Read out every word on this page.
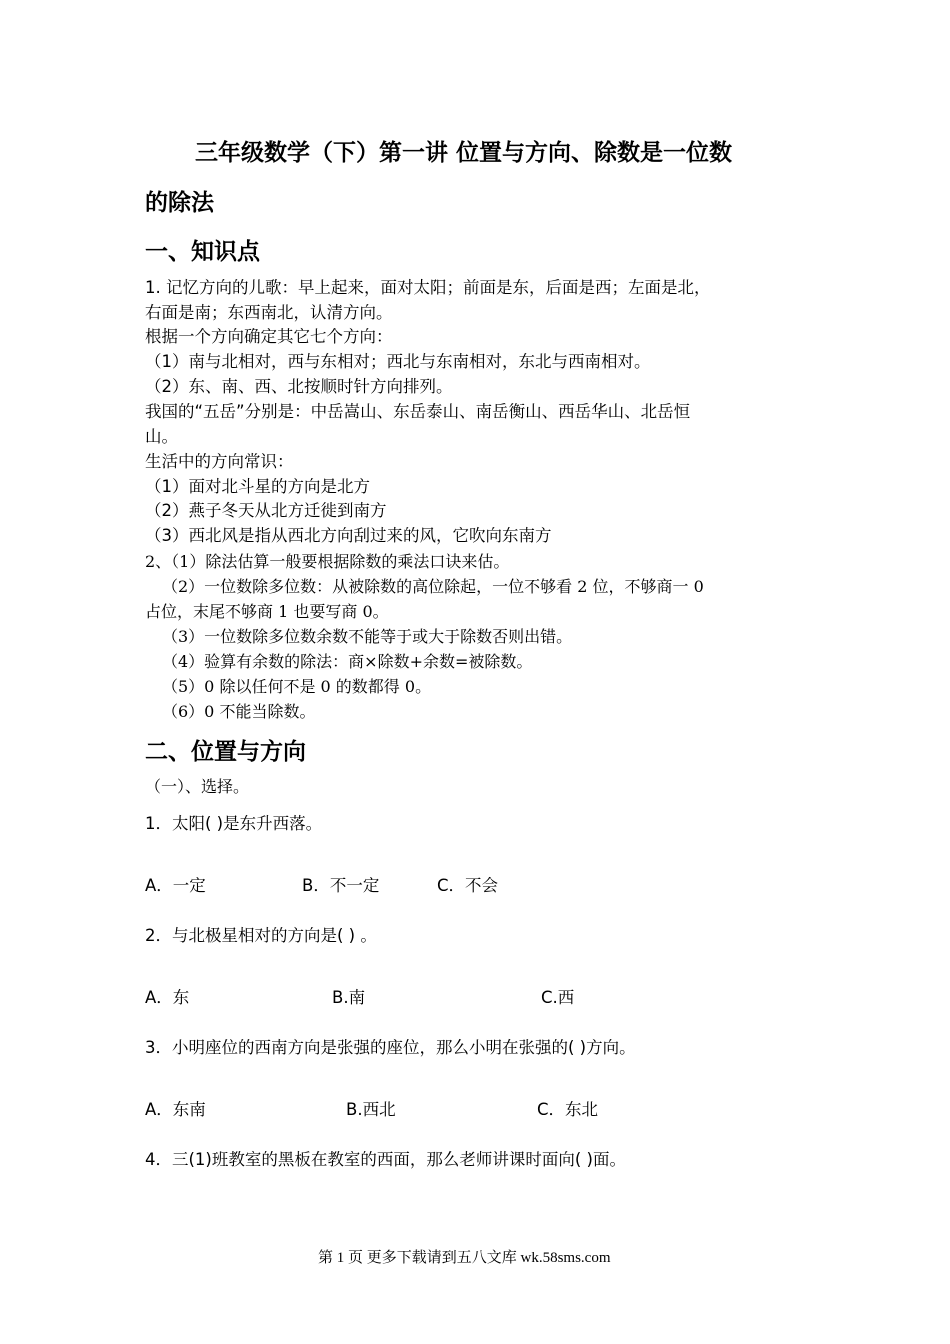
三年级数学（下）第一讲 位置与方向、除数是一位数
的除法
一、知识点
1. 记忆方向的儿歌：早上起来，面对太阳；前面是东，后面是西；左面是北，
右面是南；东西南北，认清方向。
根据一个方向确定其它七个方向：
（1）南与北相对，西与东相对；西北与东南相对，东北与西南相对。
（2）东、南、西、北按顺时针方向排列。
我国的“五岳”分别是：中岳嵩山、东岳泰山、南岳衡山、西岳华山、北岳恒
山。
生活中的方向常识：
（1）面对北斗星的方向是北方
（2）燕子冬天从北方迁徙到南方
（3）西北风是指从西北方向刮过来的风，它吹向东南方
2、（1）除法估算一般要根据除数的乘法口诀来估。
（2）一位数除多位数：从被除数的高位除起，一位不够看 2 位，不够商一 0
占位，末尾不够商 1 也要写商 0。
（3）一位数除多位数余数不能等于或大于除数否则出错。
（4）验算有余数的除法：商×除数+余数=被除数。
（5）0 除以任何不是 0 的数都得 0。
（6）0 不能当除数。
二、位置与方向
（一）、选择。
1．太阳( )是东升西落。
A．一定	B．不一定	C．不会
2．与北极星相对的方向是( ) 。
A．东	B.南	C.西
3．小明座位的西南方向是张强的座位，那么小明在张强的( )方向。
A．东南	B.西北	C．东北
4．三(1)班教室的黑板在教室的西面，那么老师讲课时面向( )面。
第 1 页 更多下载请到五八文库 wk.58sms.com
